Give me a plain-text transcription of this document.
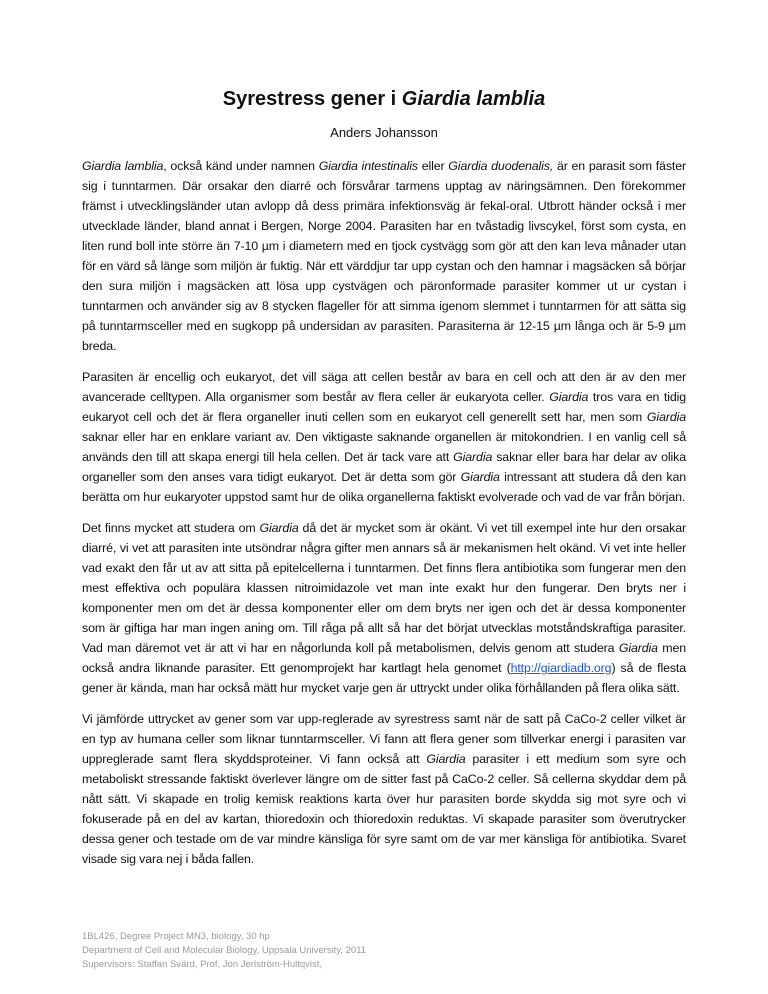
Syrestress gener i Giardia lamblia
Anders Johansson

Giardia lamblia, också känd under namnen Giardia intestinalis eller Giardia duodenalis, är en parasit som fäster sig i tunntarmen. Där orsakar den diarré och försvårar tarmens upptag av näringsämnen. Den förekommer främst i utvecklingsländer utan avlopp då dess primära infektionsväg är fekal-oral. Utbrott händer också i mer utvecklade länder, bland annat i Bergen, Norge 2004. Parasiten har en tvåstadig livscykel, först som cysta, en liten rund boll inte större än 7-10 µm i diametern med en tjock cystvägg som gör att den kan leva månader utan för en värd så länge som miljön är fuktig. När ett värddjur tar upp cystan och den hamnar i magsäcken så börjar den sura miljön i magsäcken att lösa upp cystvägen och päronformade parasiter kommer ut ur cystan i tunntarmen och använder sig av 8 stycken flageller för att simma igenom slemmet i tunntarmen för att sätta sig på tunntarmsceller med en sugkopp på undersidan av parasiten. Parasiterna är 12-15 µm långa och är 5-9 µm breda.

Parasiten är encellig och eukaryot, det vill säga att cellen består av bara en cell och att den är av den mer avancerade celltypen. Alla organismer som består av flera celler är eukaryota celler. Giardia tros vara en tidig eukaryot cell och det är flera organeller inuti cellen som en eukaryot cell generellt sett har, men som Giardia saknar eller har en enklare variant av. Den viktigaste saknande organellen är mitokondrien. I en vanlig cell så används den till att skapa energi till hela cellen. Det är tack vare att Giardia saknar eller bara har delar av olika organeller som den anses vara tidigt eukaryot. Det är detta som gör Giardia intressant att studera då den kan berätta om hur eukaryoter uppstod samt hur de olika organellerna faktiskt evolverade och vad de var från början.

Det finns mycket att studera om Giardia då det är mycket som är okänt. Vi vet till exempel inte hur den orsakar diarré, vi vet att parasiten inte utsöndrar några gifter men annars så är mekanismen helt okänd. Vi vet inte heller vad exakt den får ut av att sitta på epitelcellerna i tunntarmen. Det finns flera antibiotika som fungerar men den mest effektiva och populära klassen nitroimidazole vet man inte exakt hur den fungerar. Den bryts ner i komponenter men om det är dessa komponenter eller om dem bryts ner igen och det är dessa komponenter som är giftiga har man ingen aning om. Till råga på allt så har det börjat utvecklas motståndskraftiga parasiter. Vad man däremot vet är att vi har en någorlunda koll på metabolismen, delvis genom att studera Giardia men också andra liknande parasiter. Ett genomprojekt har kartlagt hela genomet (http://giardiadb.org) så de flesta gener är kända, man har också mätt hur mycket varje gen är uttryckt under olika förhållanden på flera olika sätt.

Vi jämförde uttrycket av gener som var upp-reglerade av syrestress samt när de satt på CaCo-2 celler vilket är en typ av humana celler som liknar tunntarmsceller. Vi fann att flera gener som tillverkar energi i parasiten var uppreglerade samt flera skyddsproteiner. Vi fann också att Giardia parasiter i ett medium som syre och metaboliskt stressande faktiskt överlever längre om de sitter fast på CaCo-2 celler. Så cellerna skyddar dem på nått sätt. Vi skapade en trolig kemisk reaktions karta över hur parasiten borde skydda sig mot syre och vi fokuserade på en del av kartan, thioredoxin och thioredoxin reduktas. Vi skapade parasiter som överutrycker dessa gener och testade om de var mindre känsliga för syre samt om de var mer känsliga för antibiotika. Svaret visade sig vara nej i båda fallen.

1BL426, Degree Project MN3, biology, 30 hp
Department of Cell and Molecular Biology, Uppsala University, 2011
Supervisors: Staffan Svärd, Prof, Jon Jerlström-Hultqvist,
